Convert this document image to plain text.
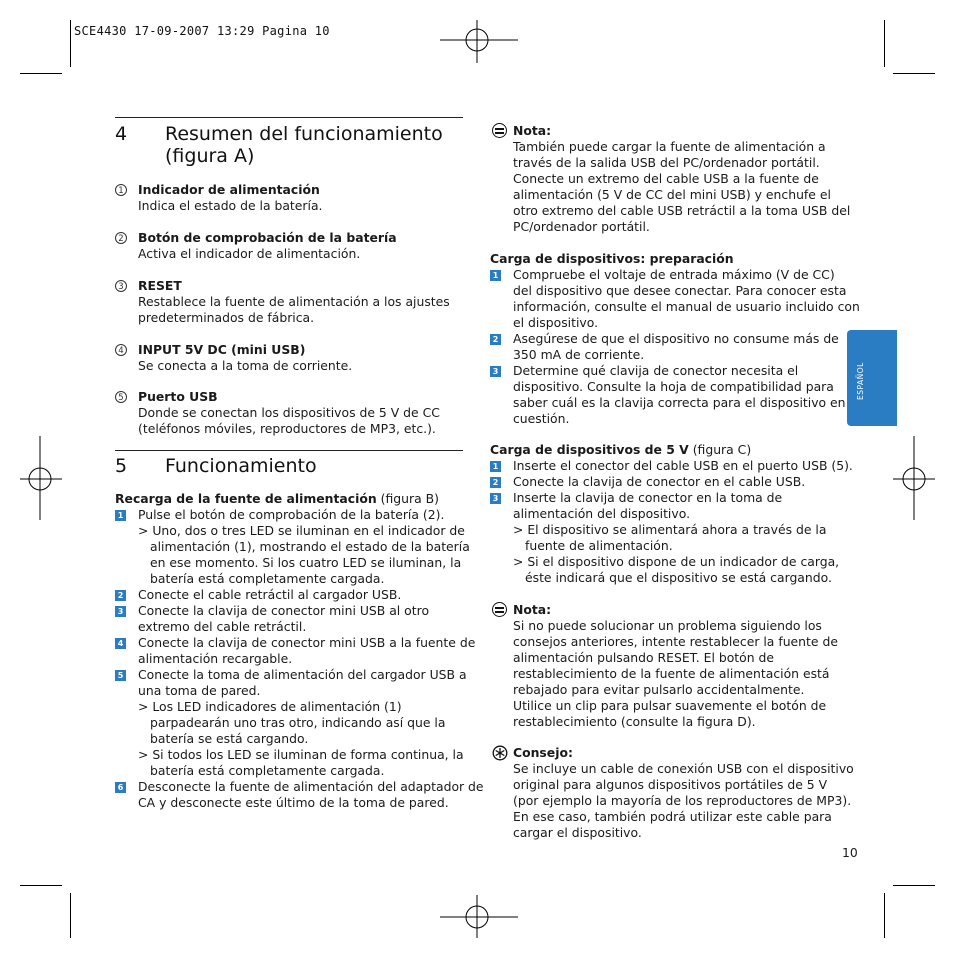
SCE4430 17-09-2007 13:29 Pagina 10
ESPAÑOL
4 Resumen del funcionamiento
(figura A)
1 Indicador de alimentación
Indica el estado de la batería.
2 Botón de comprobación de la batería
Activa el indicador de alimentación.
3 RESET
Restablece la fuente de alimentación a los ajustes
predeterminados de fábrica.
4 INPUT 5V DC (mini USB)
Se conecta a la toma de corriente.
5 Puerto USB
Donde se conectan los dispositivos de 5 V de CC
(teléfonos móviles, reproductores de MP3, etc.).
5 Funcionamiento
Recarga de la fuente de alimentación (figura B)
1 Pulse el botón de comprobación de la batería (2).
> Uno, dos o tres LED se iluminan en el indicador de
alimentación (1), mostrando el estado de la batería
en ese momento. Si los cuatro LED se iluminan, la
batería está completamente cargada.
2 Conecte el cable retráctil al cargador USB.
3 Conecte la clavija de conector mini USB al otro
extremo del cable retráctil.
4 Conecte la clavija de conector mini USB a la fuente de
alimentación recargable.
5 Conecte la toma de alimentación del cargador USB a
una toma de pared.
> Los LED indicadores de alimentación (1)
parpadearán uno tras otro, indicando así que la
batería se está cargando.
> Si todos los LED se iluminan de forma continua, la
batería está completamente cargada.
6 Desconecte la fuente de alimentación del adaptador de
CA y desconecte este último de la toma de pared.
Nota:
También puede cargar la fuente de alimentación a
través de la salida USB del PC/ordenador portátil.
Conecte un extremo del cable USB a la fuente de
alimentación (5 V de CC del mini USB) y enchufe el
otro extremo del cable USB retráctil a la toma USB del
PC/ordenador portátil.
Carga de dispositivos: preparación
1 Compruebe el voltaje de entrada máximo (V de CC)
del dispositivo que desee conectar. Para conocer esta
información, consulte el manual de usuario incluido con
el dispositivo.
2 Asegúrese de que el dispositivo no consume más de
350 mA de corriente.
3 Determine qué clavija de conector necesita el
dispositivo. Consulte la hoja de compatibilidad para
saber cuál es la clavija correcta para el dispositivo en
cuestión.
Carga de dispositivos de 5 V (figura C)
1 Inserte el conector del cable USB en el puerto USB (5).
2 Conecte la clavija de conector en el cable USB.
3 Inserte la clavija de conector en la toma de
alimentación del dispositivo.
> El dispositivo se alimentará ahora a través de la
fuente de alimentación.
> Si el dispositivo dispone de un indicador de carga,
éste indicará que el dispositivo se está cargando.
Nota:
Si no puede solucionar un problema siguiendo los
consejos anteriores, intente restablecer la fuente de
alimentación pulsando RESET. El botón de
restablecimiento de la fuente de alimentación está
rebajado para evitar pulsarlo accidentalmente.
Utilice un clip para pulsar suavemente el botón de
restablecimiento (consulte la figura D).
Consejo:
Se incluye un cable de conexión USB con el dispositivo
original para algunos dispositivos portátiles de 5 V
(por ejemplo la mayoría de los reproductores de MP3).
En ese caso, también podrá utilizar este cable para
cargar el dispositivo.
10
